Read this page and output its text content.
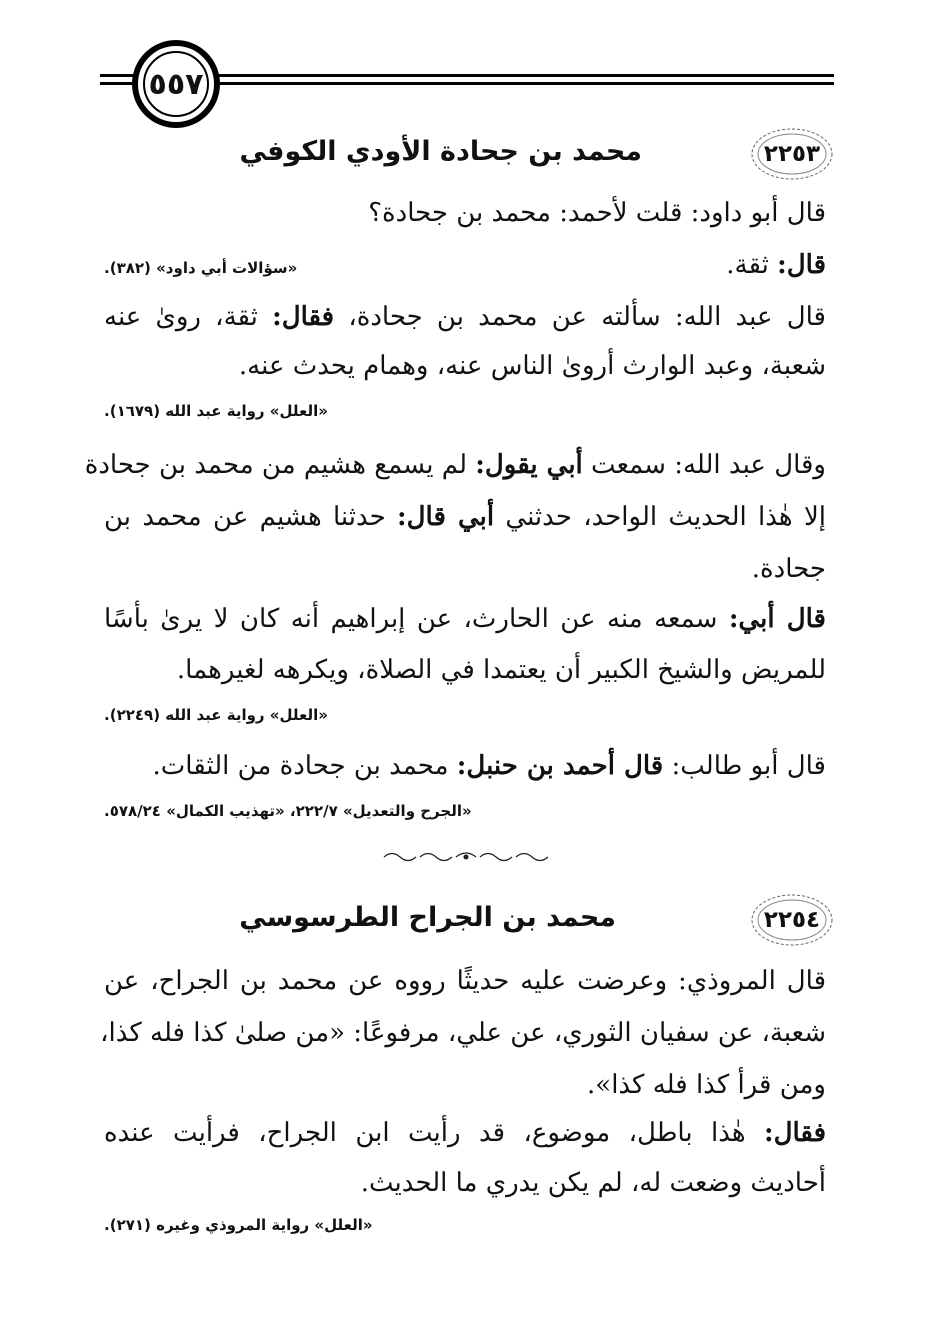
٥٥٧
٢٢٥٣
محمد بن جحادة الأودي الكوفي
قال أبو داود: قلت لأحمد: محمد بن جحادة؟
قال: ثقة.
«سؤالات أبي داود» (٣٨٢).
قال عبد الله: سألته عن محمد بن جحادة، فقال: ثقة، روىٰ عنه
شعبة، وعبد الوارث أروىٰ الناس عنه، وهمام يحدث عنه.
«العلل» رواية عبد الله (١٦٧٩).
وقال عبد الله: سمعت أبي يقول: لم يسمع هشيم من محمد بن جحادة
إلا هٰذا الحديث الواحد، حدثني أبي قال: حدثنا هشيم عن محمد بن
جحادة.
قال أبي: سمعه منه عن الحارث، عن إبراهيم أنه كان لا يرىٰ بأسًا
للمريض والشيخ الكبير أن يعتمدا في الصلاة، ويكرهه لغيرهما.
«العلل» رواية عبد الله (٢٢٤٩).
قال أبو طالب: قال أحمد بن حنبل: محمد بن جحادة من الثقات.
«الجرح والتعديل» ٢٢٢/٧، «تهذيب الكمال» ٥٧٨/٢٤.
٢٢٥٤
محمد بن الجراح الطرسوسي
قال المروذي: وعرضت عليه حديثًا رووه عن محمد بن الجراح، عن
شعبة، عن سفيان الثوري، عن علي، مرفوعًا: «من صلىٰ كذا فله كذا،
ومن قرأ كذا فله كذا».
فقال: هٰذا باطل، موضوع، قد رأيت ابن الجراح، فرأيت عنده
أحاديث وضعت له، لم يكن يدري ما الحديث.
«العلل» رواية المروذي وغيره (٢٧١).
